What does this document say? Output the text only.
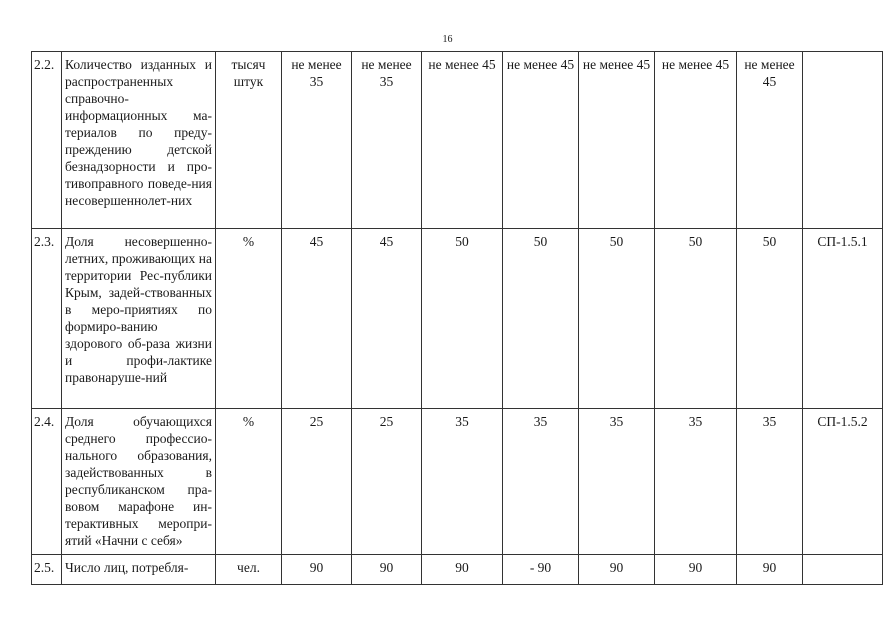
16
2.2.	Количество изданных и распространенных справочно-информационных ма-териалов по преду-преждению детской безнадзорности и про-тивоправного поведе-ния несовершеннолет-них	тысяч штук	не менее 35	не менее 35	не менее 45	не менее 45	не менее 45	не менее 45	не менее 45	
2.3.	Доля несовершенно-летних, проживающих на территории Рес-публики Крым, задей-ствованных в меро-приятиях по формиро-ванию здорового об-раза жизни и профи-лактике правонаруше-ний	%	45	45	50	50	50	50	50	СП-1.5.1
2.4.	Доля обучающихся среднего профессио-нального образования, задействованных в республиканском пра-вовом марафоне ин-терактивных меропри-ятий «Начни с себя»	%	25	25	35	35	35	35	35	СП-1.5.2
2.5.	Число лиц, потребля-	чел.	90	90	90	- 90	90	90	90	
